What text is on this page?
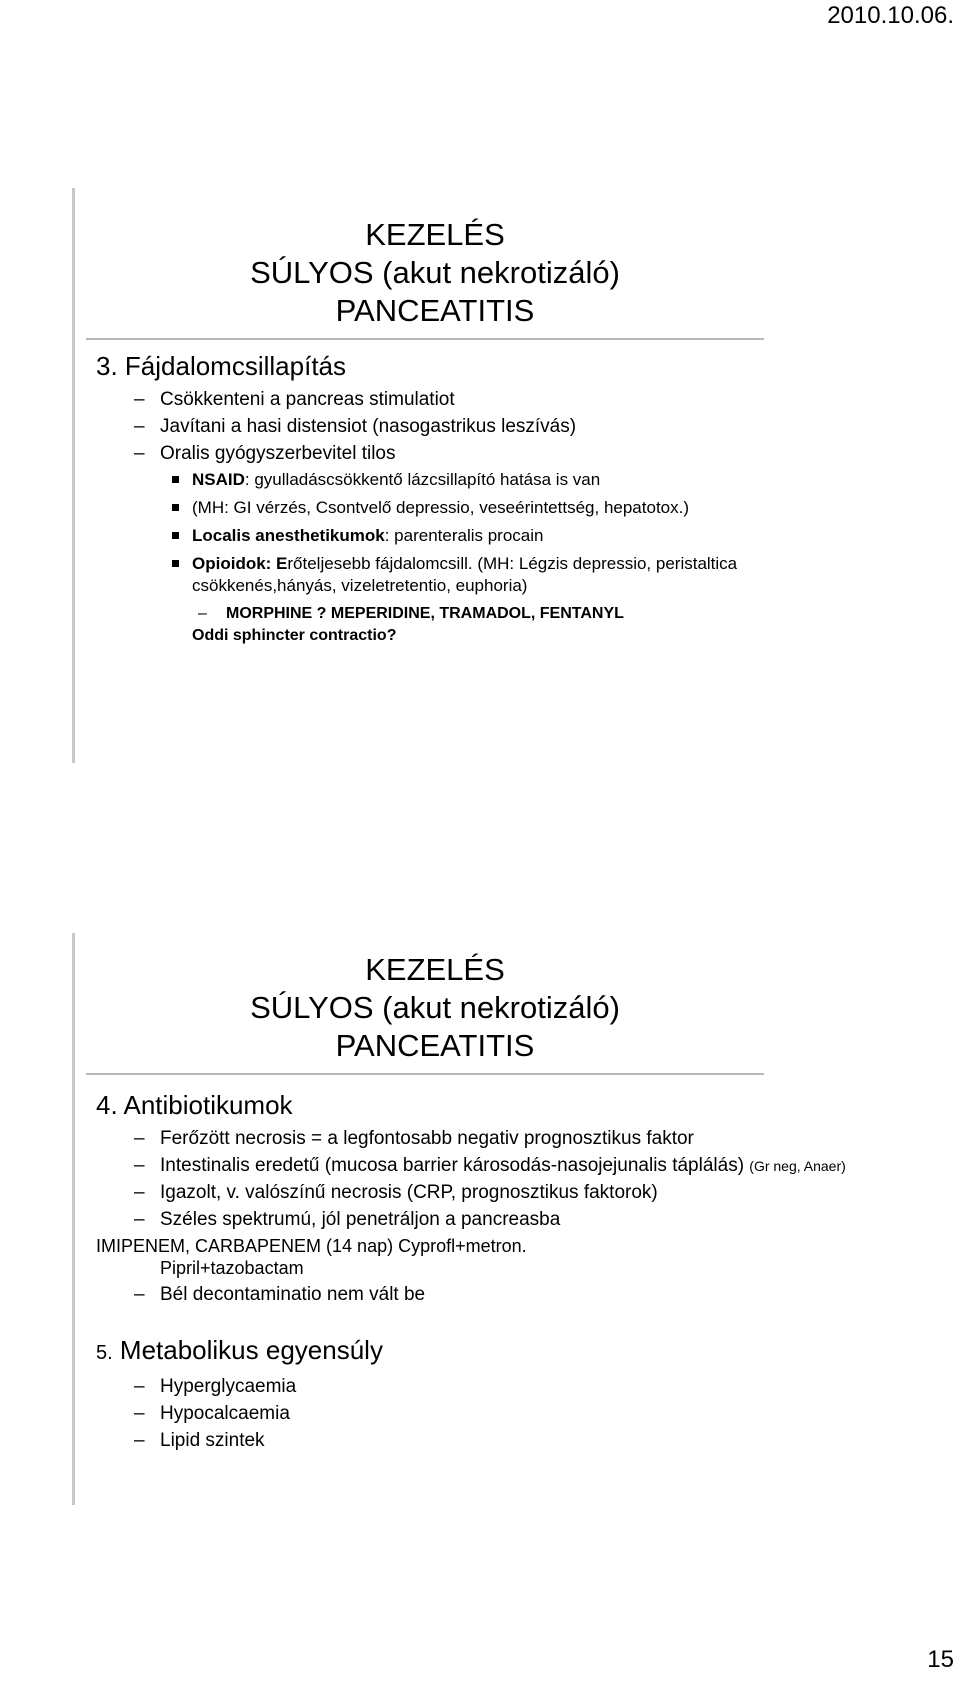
2010.10.06.
KEZELÉS
SÚLYOS (akut nekrotizáló)
PANCEATITIS
3. Fájdalomcsillapítás
– Csökkenteni a pancreas stimulatiot
– Javítani a hasi distensiot (nasogastrikus leszívás)
– Oralis gyógyszerbevitel tilos
NSAID: gyulladáscsökkentő lázcsillapító hatása is van
(MH: GI vérzés, Csontvelő depressio, veseérintettség, hepatotox.)
Localis anesthetikumok: parenteralis procain
Opioidok: Erőteljesebb fájdalomcsill. (MH: Légzis depressio, peristaltica csökkenés,hányás, vizeletretentio, euphoria)
– MORPHINE ? MEPERIDINE, TRAMADOL, FENTANYL
Oddi sphincter contractio?
KEZELÉS
SÚLYOS (akut nekrotizáló)
PANCEATITIS
4. Antibiotikumok
– Ferőzött necrosis = a legfontosabb negativ prognosztikus faktor
– Intestinalis eredetű (mucosa barrier károsodás-nasojejunalis táplálás) (Gr neg, Anaer)
– Igazolt, v. valószínű necrosis (CRP, prognosztikus faktorok)
– Széles spektrumú, jól penetráljon a pancreasba
IMIPENEM, CARBAPENEM (14 nap) Cyprofl+metron.
Pipril+tazobactam
– Bél decontaminatio nem vált be
5. Metabolikus egyensúly
– Hyperglycaemia
– Hypocalcaemia
– Lipid szintek
15
